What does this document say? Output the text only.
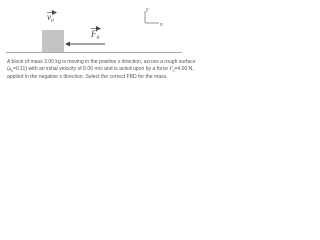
$v_0$
$F_0$
y
x

A block of mass 3.00 kg is moving in the positive x direction, across a rough surface $(\mu_k=0.11)$ with an initial velocity of 6.00 m/s and is acted upon by a force $F_0=4.00$ N, applied in the negative x direction. Select the correct FBD for the mass.
